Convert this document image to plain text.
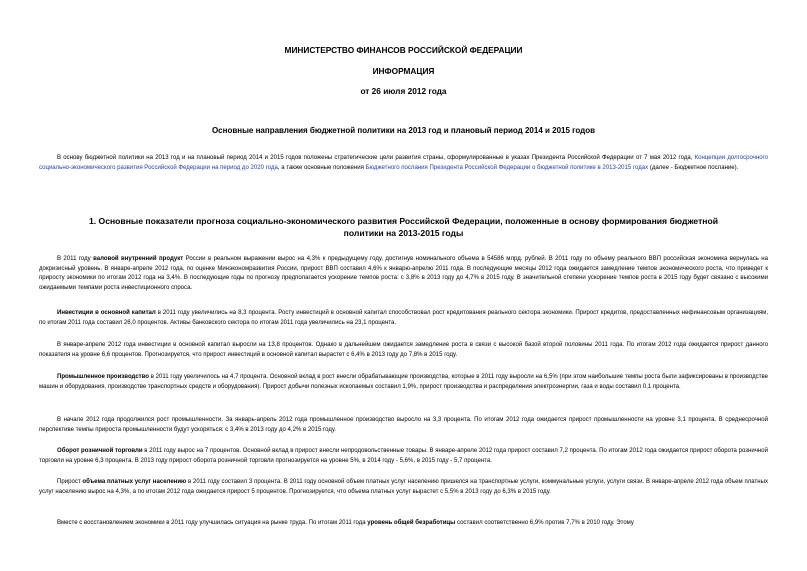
МИНИСТЕРСТВО ФИНАНСОВ РОССИЙСКОЙ ФЕДЕРАЦИИ
ИНФОРМАЦИЯ
от 26 июля 2012 года
Основные направления бюджетной политики на 2013 год и плановый период 2014 и 2015 годов

В основу бюджетной политики на 2013 год и на плановый период 2014 и 2015 годов положены стратегические цели развития страны, сформулированные в указах Президента Российской Федерации от 7 мая 2012 года, Концепции долгосрочного социально-экономического развития Российской Федерации на период до 2020 года, а также основные положения Бюджетного послания Президента Российской Федерации о бюджетной политике в 2013-2015 годах (далее - Бюджетное послание).

1. Основные показатели прогноза социально-экономического развития Российской Федерации, положенные в основу формирования бюджетной политики на 2013-2015 годы

В 2011 году валовой внутренний продукт России в реальном выражении вырос на 4,3% к предыдущему году, достигнув номинального объема в 54586 млрд. рублей. В 2011 году по объему реального ВВП российская экономика вернулась на докризисный уровень. В январе-апреле 2012 года, по оценке Минэкономразвития России, прирост ВВП составил 4,6% к январю-апрелю 2011 года. В последующие месяцы 2012 года ожидается замедление темпов экономического роста, что приведет к приросту экономики по итогам 2012 года на 3,4%. В последующие годы по прогнозу предполагается ускорение темпов роста: с 3,8% в 2013 году до 4,7% в 2015 году. В значительной степени ускорение темпов роста в 2015 году будет связано с высокими ожидаемыми темпами роста инвестиционного спроса.

Инвестиции в основной капитал в 2011 году увеличились на 8,3 процента. Росту инвестиций в основной капитал способствовал рост кредитования реального сектора экономики. Прирост кредитов, предоставленных нефинансовым организациям, по итогам 2011 года составил 26,0 процентов. Активы банковского сектора по итогам 2011 года увеличились на 23,1 процента.

В январе-апреле 2012 года инвестиции в основной капитал выросли на 13,8 процентов. Однако в дальнейшем ожидается замедление роста в связи с высокой базой второй половины 2011 года. По итогам 2012 года ожидается прирост данного показателя на уровне 6,6 процентов. Прогнозируется, что прирост инвестиций в основной капитал вырастет с 6,4% в 2013 году до 7,8% в 2015 году.

Промышленное производство в 2011 году увеличилось на 4,7 процента. Основной вклад в рост внесли обрабатывающие производства, которые в 2011 году выросли на 6,5% (при этом наибольшие темпы роста были зафиксированы в производстве машин и оборудования, производстве транспортных средств и оборудования). Прирост добычи полезных ископаемых составил 1,9%, прирост производства и распределения электроэнергии, газа и воды составил 0,1 процента.

В начале 2012 года продолжился рост промышленности. За январь-апрель 2012 года промышленное производство выросло на 3,3 процента. По итогам 2012 года ожидается прирост промышленности на уровне 3,1 процента. В среднесрочной перспективе темпы прироста промышленности будут ускоряться: с 3,4% в 2013 году до 4,2% в 2015 году.

Оборот розничной торговли в 2011 году вырос на 7 процентов. Основной вклад в прирост внесли непродовольственные товары. В январе-апреле 2012 года прирост составил 7,2 процента. По итогам 2012 года ожидается прирост оборота розничной торговли на уровне 6,3 процента. В 2013 году прирост оборота розничной торговли прогнозируется на уровне 5%, в 2014 году - 5,6%, в 2015 году - 5,7 процента.

Прирост объема платных услуг населению в 2011 году составил 3 процента. В 2011 году основной объем платных услуг населению пришелся на транспортные услуги, коммунальные услуги, услуги связи. В январе-апреле 2012 года объем платных услуг населению вырос на 4,3%, а по итогам 2012 года ожидается прирост 5 процентов. Прогнозируется, что объема платных услуг вырастет с 5,5% в 2013 году до 6,3% в 2015 году.

Вместе с восстановлением экономики в 2011 году улучшилась ситуация на рынке труда. По итогам 2011 года уровень общей безработицы составил соответственно 6,9% против 7,7% в 2010 году. Этому
